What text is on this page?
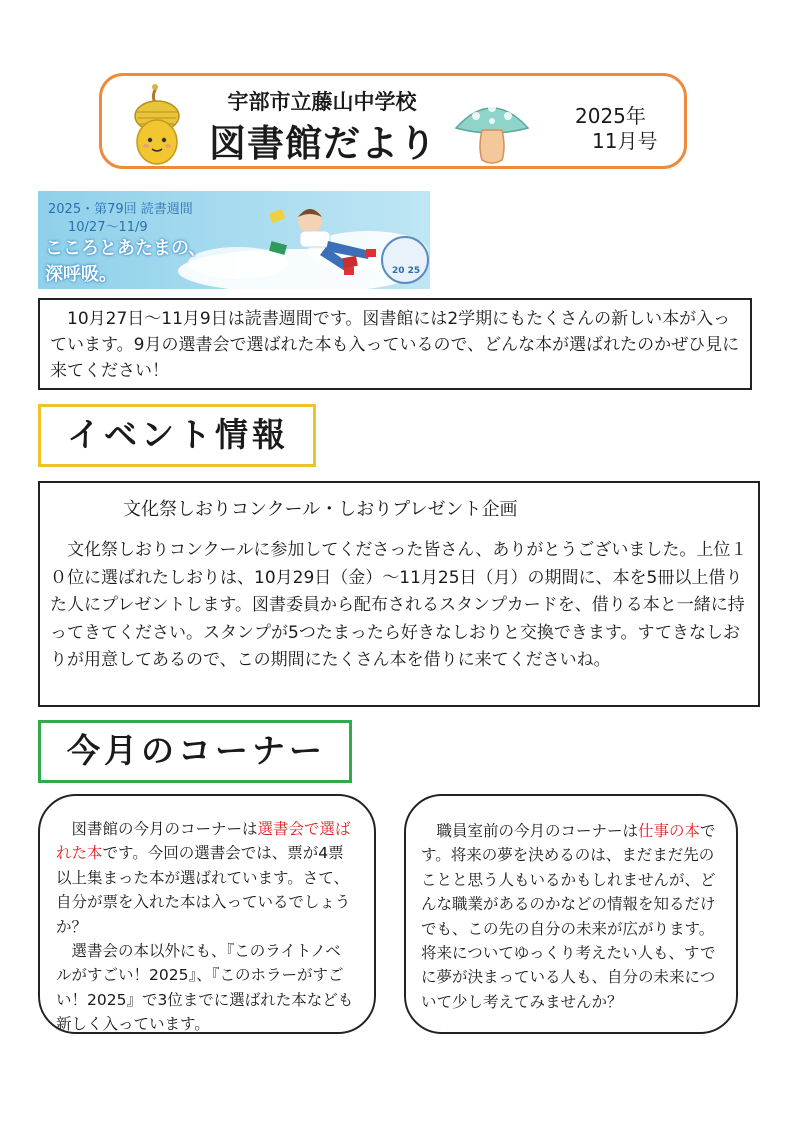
宇部市立藤山中学校
図書館だより
2025年
11月号
2025・第79回 読書週間
10/27〜11/9
こころとあたまの、
深呼吸。	20 25

　10月27日〜11月9日は読書週間です。図書館には2学期にもたくさんの新しい本が入っています。9月の選書会で選ばれた本も入っているので、どんな本が選ばれたのかぜひ見に来てください！

イベント情報
文化祭しおりコンクール・しおりプレゼント企画
　文化祭しおりコンクールに参加してくださった皆さん、ありがとうございました。上位１０位に選ばれたしおりは、10月29日（金）〜11月25日（月）の期間に、本を5冊以上借りた人にプレゼントします。図書委員から配布されるスタンプカードを、借りる本と一緒に持ってきてください。スタンプが5つたまったら好きなしおりと交換できます。すてきなしおりが用意してあるので、この期間にたくさん本を借りに来てくださいね。
今月のコーナー

　図書館の今月のコーナーは選書会で選ばれた本です。今回の選書会では、票が4票以上集まった本が選ばれています。さて、自分が票を入れた本は入っているでしょうか？

　選書会の本以外にも、『このライトノベルがすごい！2025』、『このホラーがすごい！2025』で3位までに選ばれた本なども新しく入っています。

　職員室前の今月のコーナーは仕事の本です。将来の夢を決めるのは、まだまだ先のことと思う人もいるかもしれませんが、どんな職業があるのかなどの情報を知るだけでも、この先の自分の未来が広がります。将来についてゆっくり考えたい人も、すでに夢が決まっている人も、自分の未来について少し考えてみませんか？
